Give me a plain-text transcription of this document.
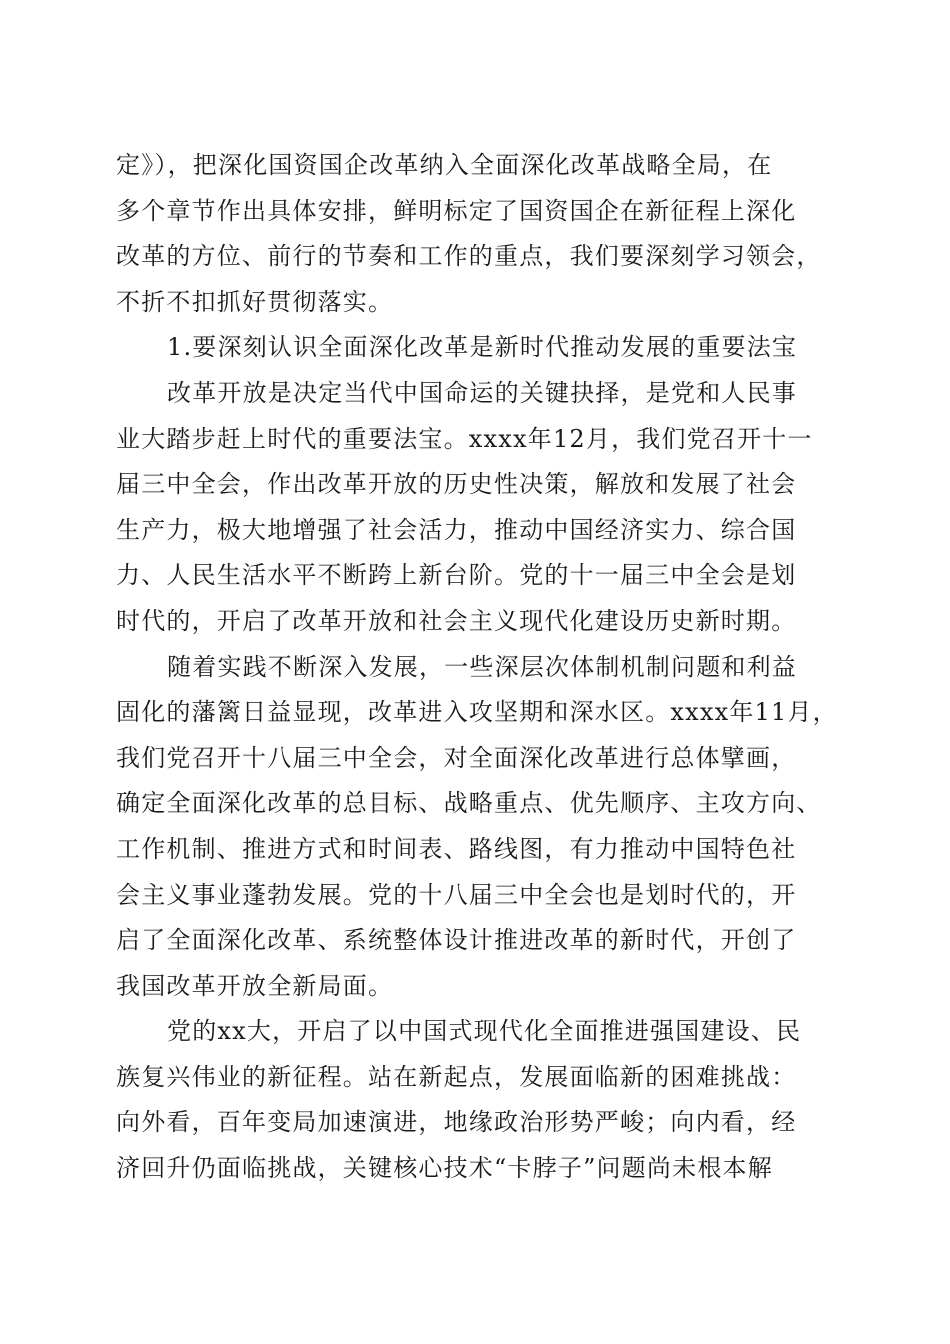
定》），把深化国资国企改革纳入全面深化改革战略全局，在
多个章节作出具体安排，鲜明标定了国资国企在新征程上深化
改革的方位、前行的节奏和工作的重点，我们要深刻学习领会，
不折不扣抓好贯彻落实。
1.要深刻认识全面深化改革是新时代推动发展的重要法宝
改革开放是决定当代中国命运的关键抉择，是党和人民事
业大踏步赶上时代的重要法宝。xxxx年12月，我们党召开十一
届三中全会，作出改革开放的历史性决策，解放和发展了社会
生产力，极大地增强了社会活力，推动中国经济实力、综合国
力、人民生活水平不断跨上新台阶。党的十一届三中全会是划
时代的，开启了改革开放和社会主义现代化建设历史新时期。
随着实践不断深入发展，一些深层次体制机制问题和利益
固化的藩篱日益显现，改革进入攻坚期和深水区。xxxx年11月，
我们党召开十八届三中全会，对全面深化改革进行总体擘画，
确定全面深化改革的总目标、战略重点、优先顺序、主攻方向、
工作机制、推进方式和时间表、路线图，有力推动中国特色社
会主义事业蓬勃发展。党的十八届三中全会也是划时代的，开
启了全面深化改革、系统整体设计推进改革的新时代，开创了
我国改革开放全新局面。
党的xx大，开启了以中国式现代化全面推进强国建设、民
族复兴伟业的新征程。站在新起点，发展面临新的困难挑战：
向外看，百年变局加速演进，地缘政治形势严峻；向内看，经
济回升仍面临挑战，关键核心技术“卡脖子”问题尚未根本解
